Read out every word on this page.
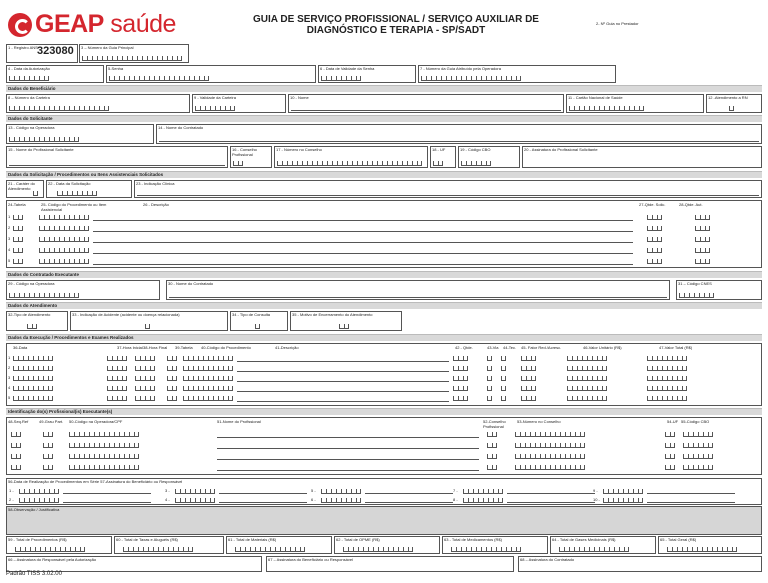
GEAP saúde	GUIA DE SERVIÇO PROFISSIONAL / SERVIÇO AUXILIAR DE
DIAGNÓSTICO E TERAPIA - SP/SADT
2- Nº Guia no Prestador
1 - Registro ANS 323080 3 – Número da Guia Principal
4 - Data da Autorização	5-Senha	6 - Data de Validade da Senha	7 - Número da Guia Atribuído pela Operadora
Dados do Beneficiário
8 – Número da Carteira	9 - Validade da Carteira	10 - Nome	11 - Cartão Nacional de Saúde	12 -Atendimento a RN
Dados do Solicitante
13 - Código na Operadora	14 - Nome do Contratado
15 - Nome do Profissional Solicitante	16 - Conselho Profissional
17 - Número no Conselho	18 - UF	19 - Código CBO	20 - Assinatura do Profissional Solicitante
Dados da Solicitação / Procedimentos ou Itens Assistenciais Solicitados
21 - Caráter do Atendimento
22 - Data da Solicitação	23 - Indicação Clínica
24-Tabela	25- Código do Procedimento ou Item Assistencial
26 - Descrição	27-Qtde. Solic.	28-Qtde. Aut.
1
2
3
4
5
Dados do Contratado Executante
29 - Código na Operadora	30 - Nome do Contratado	31 – Código CNES
Dados do Atendimento
32-Tipo de Atendimento	33 - Indicação de Acidente (acidente ou doença relacionada)	34 - Tipo de Consulta	35 - Motivo de Encerramento do Atendimento
Dados da Execução / Procedimentos e Exames Realizados
36-Data	37-Hora Inicial 38-Hora Final 39-Tabela 40-Código do Procedimento	41-Descrição	42 - Qtde.	43-Via 44-Tec. 45- Fator Red./Acresc.	46-Valor Unitário (R$)	47-Valor Total (R$)
1
2
3
4
5
Identificação do(s) Profissional(is) Executante(s)
48-Seq.Ref	49-Grau Part. 50-Código na Operadora/CPF	51-Nome do Profissional	52-Conselho Profissional
53-Número no Conselho	54-UF 55-Código CBO
56-Data de Realização de Procedimentos em Série 57-Assinatura do Beneficiário ou Responsável
1 -
2 -
3 -
4 -
5 -
6 -
7 -
8 -
9 -
10 -
58-Observação / Justificativa
59 - Total de Procedimentos (R$)	60 - Total de Taxas e Aluguéis (R$)	61 - Total de Materiais (R$)	62 - Total de OPME (R$)	63 - Total de Medicamentos (R$)	64 - Total de Gases Medicinais (R$)	65 - Total Geral (R$)
66 – Assinatura do Responsável pela Autorização	67 – Assinatura do Beneficiário ou Responsável	68 – Assinatura do Contratado
Padrão TISS 3.02.00
